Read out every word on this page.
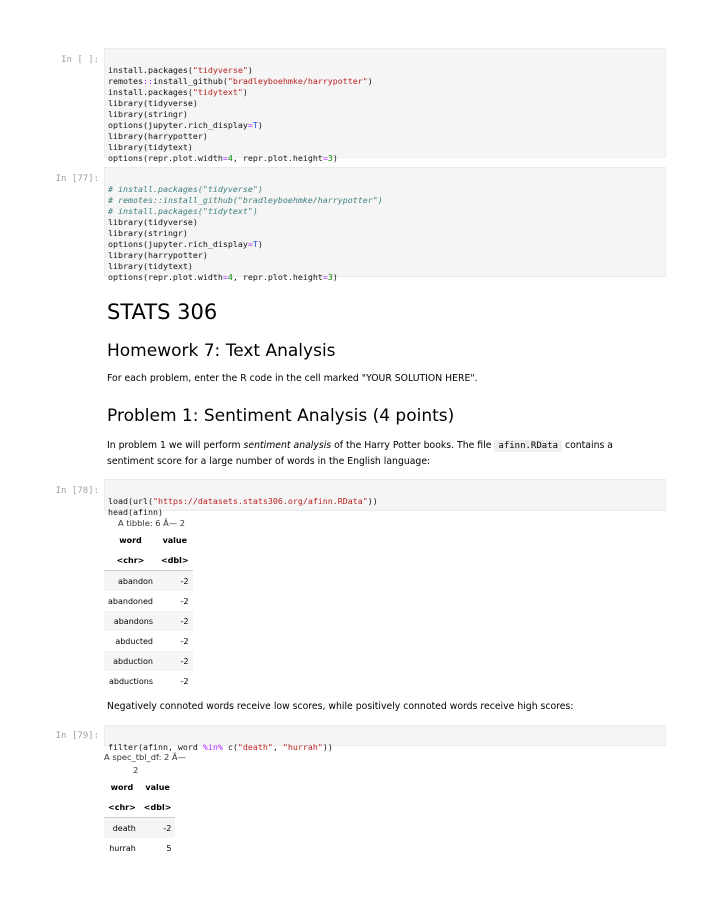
In [ ]:

install.packages("tidyverse")
remotes::install_github("bradleyboehmke/harrypotter")
install.packages("tidytext")
library(tidyverse)
library(stringr)
options(jupyter.rich_display=T)
library(harrypotter)
library(tidytext)
options(repr.plot.width=4, repr.plot.height=3)
In [77]:

# install.packages("tidyverse")
# remotes::install_github("bradleyboehmke/harrypotter")
# install.packages("tidytext")
library(tidyverse)
library(stringr)
options(jupyter.rich_display=T)
library(harrypotter)
library(tidytext)
options(repr.plot.width=4, repr.plot.height=3)
STATS 306
Homework 7: Text Analysis

For each problem, enter the R code in the cell marked "YOUR SOLUTION HERE".

Problem 1: Sentiment Analysis (4 points)

In problem 1 we will perform sentiment analysis of the Harry Potter books. The file afinn.RData contains a sentiment score for a large number of words in the English language:

In [78]:

load(url("https://datasets.stats306.org/afinn.RData"))
head(afinn)
A tibble: 6 Ã— 2
word	value
<chr>	<dbl>
abandon	-2
abandoned	-2
abandons	-2
abducted	-2
abduction	-2
abductions	-2

Negatively connoted words receive low scores, while positively connoted words receive high scores:

In [79]:

filter(afinn, word %in% c("death", "hurrah"))
A spec_tbl_df: 2 Ã—
2
word	value
<chr>	<dbl>
death	-2
hurrah	5
